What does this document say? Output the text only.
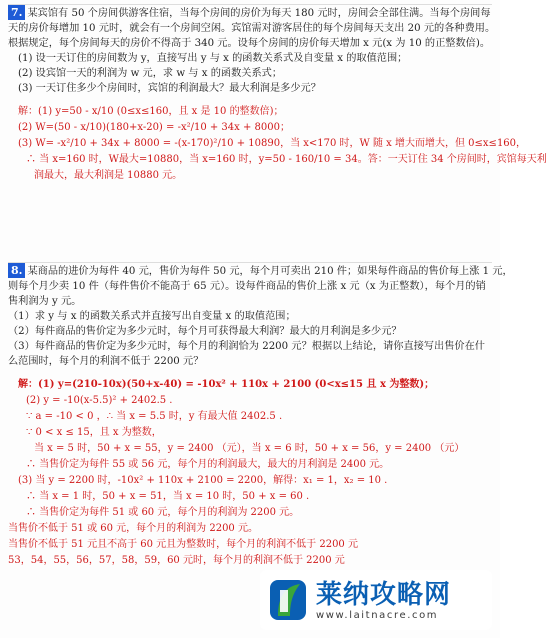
7. 某宾馆有 50 个房间供游客住宿，当每个房间的房价为每天 180 元时，房间会全部住满。当每个房间每
天的房价每增加 10 元时，就会有一个房间空闲。宾馆需对游客居住的每个房间每天支出 20 元的各种费用。
根据规定，每个房间每天的房价不得高于 340 元。设每个房间的房价每天增加 x 元(x 为 10 的正整数倍)。
(1) 设一天订住的房间数为 y，直接写出 y 与 x 的函数关系式及自变量 x 的取值范围；
(2) 设宾馆一天的利润为 w 元，求 w 与 x 的函数关系式；
(3) 一天订住多少个房间时，宾馆的利润最大？最大利润是多少元？
解：(1) y=50 - x/10 (0≤x≤160，且 x 是 10 的整数倍)；
(2) W=(50 - x/10)(180+x-20) = -x²/10 + 34x + 8000；
(3) W= -x²/10 + 34x + 8000 = -(x-170)²/10 + 10890，当 x<170 时，W 随 x 增大而增大，但 0≤x≤160，
∴ 当 x=160 时，W最大=10880，当 x=160 时，y=50 - 160/10 = 34。答：一天订住 34 个房间时，宾馆每天利
润最大，最大利润是 10880 元。
8. 某商品的进价为每件 40 元，售价为每件 50 元，每个月可卖出 210 件；如果每件商品的售价每上涨 1 元，
则每个月少卖 10 件（每件售价不能高于 65 元）。设每件商品的售价上涨 x 元（x 为正整数），每个月的销
售利润为 y 元。
（1）求 y 与 x 的函数关系式并直接写出自变量 x 的取值范围；
（2）每件商品的售价定为多少元时，每个月可获得最大利润？最大的月利润是多少元？
（3）每件商品的售价定为多少元时，每个月的利润恰为 2200 元？根据以上结论，请你直接写出售价在什
么范围时，每个月的利润不低于 2200 元？
解：(1) y=(210-10x)(50+x-40) = -10x² + 110x + 2100 (0<x≤15 且 x 为整数)；
(2) y = -10(x-5.5)² + 2402.5 .
∵ a = -10 < 0 ，∴ 当 x = 5.5 时，y 有最大值 2402.5 .
∵ 0 < x ≤ 15，且 x 为整数，
当 x = 5 时，50 + x = 55，y = 2400 （元），当 x = 6 时，50 + x = 56，y = 2400 （元）
∴ 当售价定为每件 55 或 56 元，每个月的利润最大，最大的月利润是 2400 元。
(3) 当 y = 2200 时，-10x² + 110x + 2100 = 2200，解得：x₁ = 1，x₂ = 10 .
∴ 当 x = 1 时，50 + x = 51，当 x = 10 时，50 + x = 60 .
∴ 当售价定为每件 51 或 60 元，每个月的利润为 2200 元。
当售价不低于 51 或 60 元，每个月的利润为 2200 元。
当售价不低于 51 元且不高于 60 元且为整数时，每个月的利润不低于 2200 元
53，54，55，56，57，58，59，60 元时，每个月的利润不低于 2200 元
莱纳攻略网
www.laitnacre.com
